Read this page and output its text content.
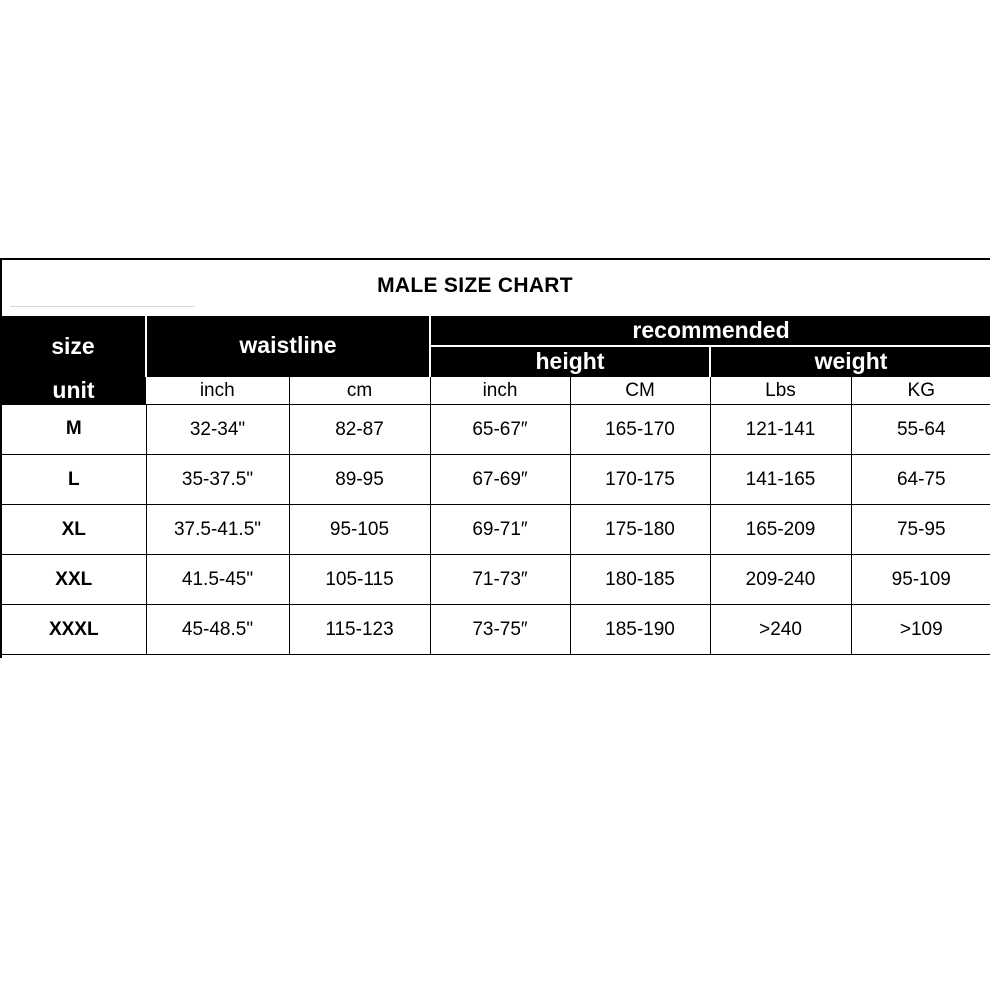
MALE SIZE CHART
size	waistline		recommended			
			height		weight	
unit	inch	cm	inch	CM	Lbs	KG
M	32-34"	82-87	65-67″	165-170	121-141	55-64
L	35-37.5"	89-95	67-69″	170-175	141-165	64-75
XL	37.5-41.5"	95-105	69-71″	175-180	165-209	75-95
XXL	41.5-45"	105-115	71-73″	180-185	209-240	95-109
XXXL	45-48.5"	115-123	73-75″	185-190	>240	>109
